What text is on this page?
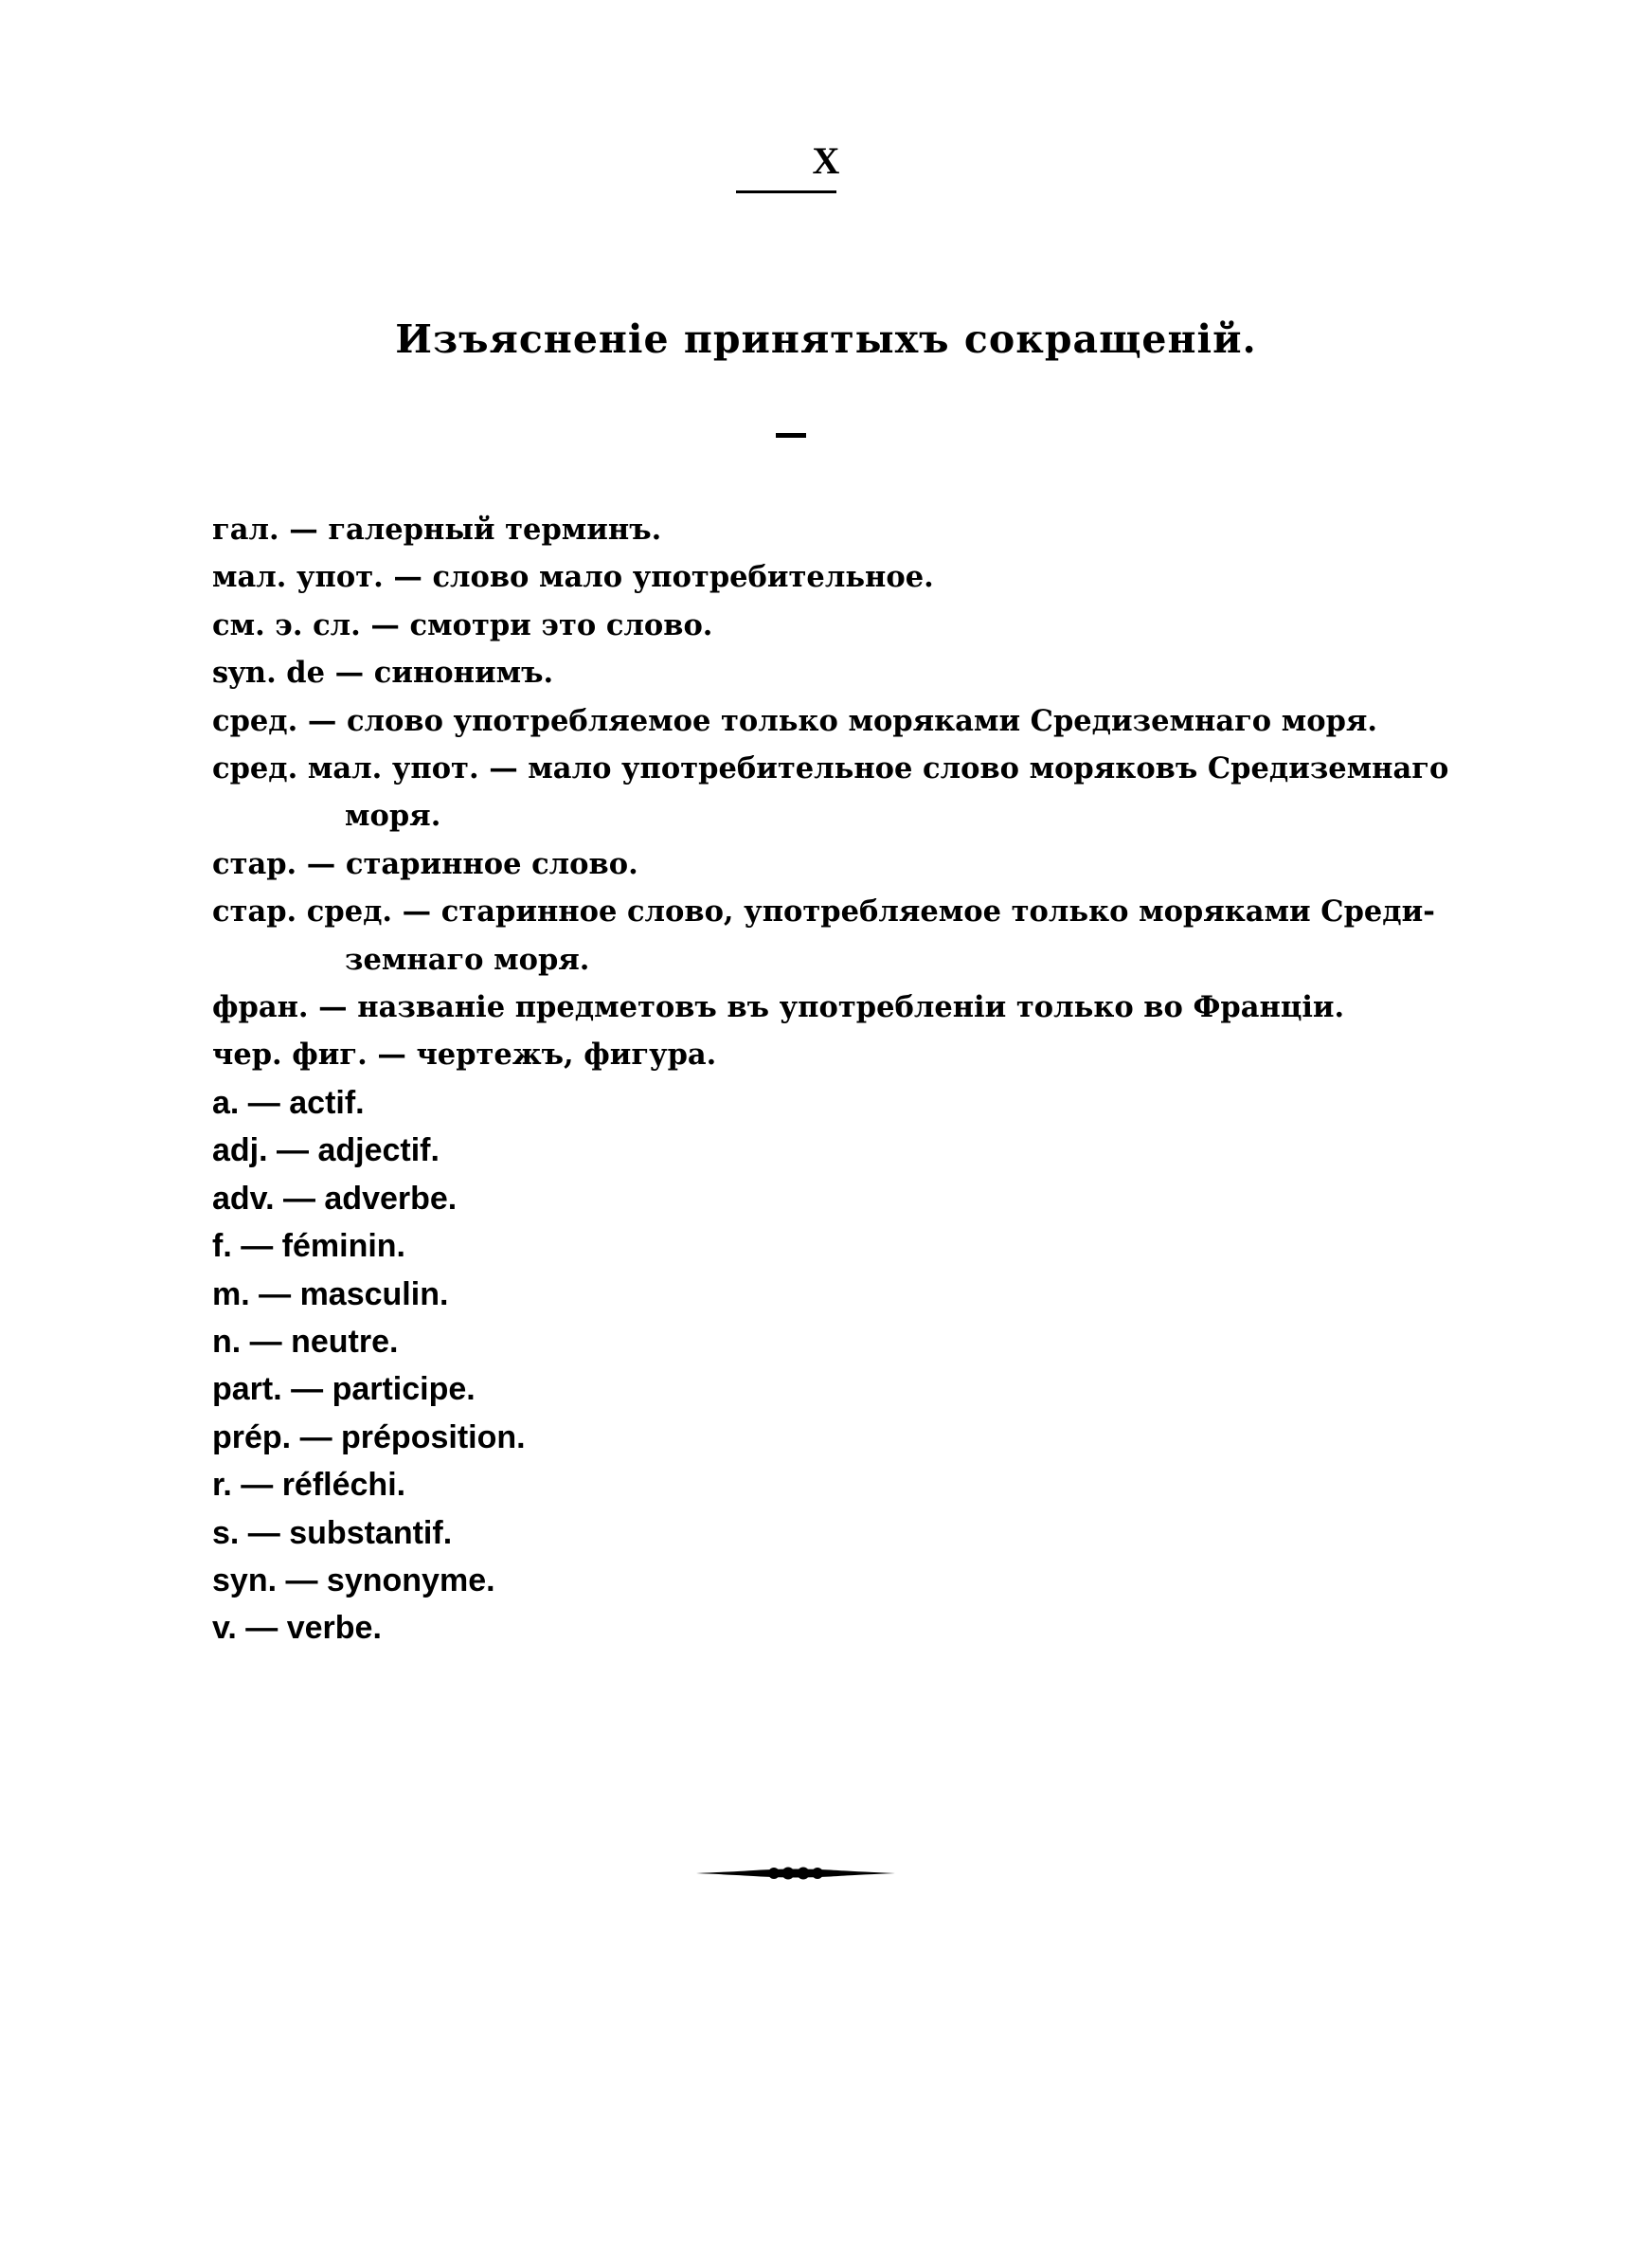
X
Изъясненіе принятыхъ сокращеній.
гал. — галерный терминъ.
мал. упот. — слово мало употребительное.
см. э. сл. — смотри это слово.
syn. de — синонимъ.
сред. — слово употребляемое только моряками Средиземнаго моря.
сред. мал. упот. — мало употребительное слово моряковъ Средиземнаго
моря.
стар. — старинное слово.
стар. сред. — старинное слово, употребляемое только моряками Среди-
земнаго моря.
фран. — названіе предметовъ въ употребленіи только во Франціи.
чер. фиг. — чертежъ, фигура.
a. — actif.
adj. — adjectif.
adv. — adverbe.
f. — féminin.
m. — masculin.
n. — neutre.
part. — participe.
prép. — préposition.
r. — réfléchi.
s. — substantif.
syn. — synonyme.
v. — verbe.
